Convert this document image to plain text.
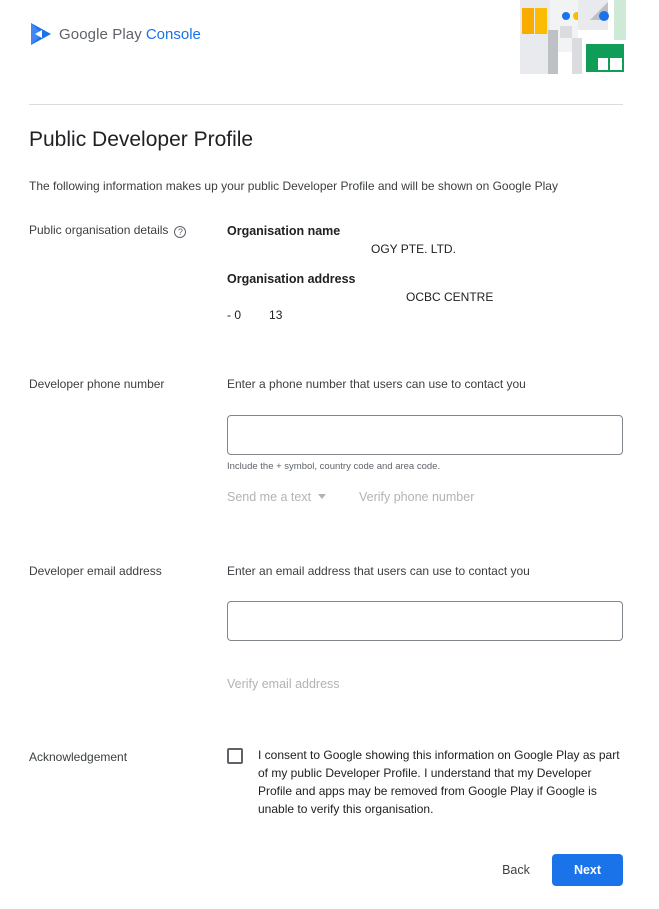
Google Play Console
Public Developer Profile
The following information makes up your public Developer Profile and will be shown on Google Play
Public organisation details ?	Organisation name
OGY PTE. LTD.
Organisation address
OCBC CENTRE
- 0 13
Developer phone number	Enter a phone number that users can use to contact you
Include the + symbol, country code and area code.
Send me a text	Verify phone number
Developer email address	Enter an email address that users can use to contact you
Verify email address
Acknowledgement	I consent to Google showing this information on Google Play as part of my public Developer Profile. I understand that my Developer Profile and apps may be removed from Google Play if Google is unable to verify this organisation.
Back	Next
